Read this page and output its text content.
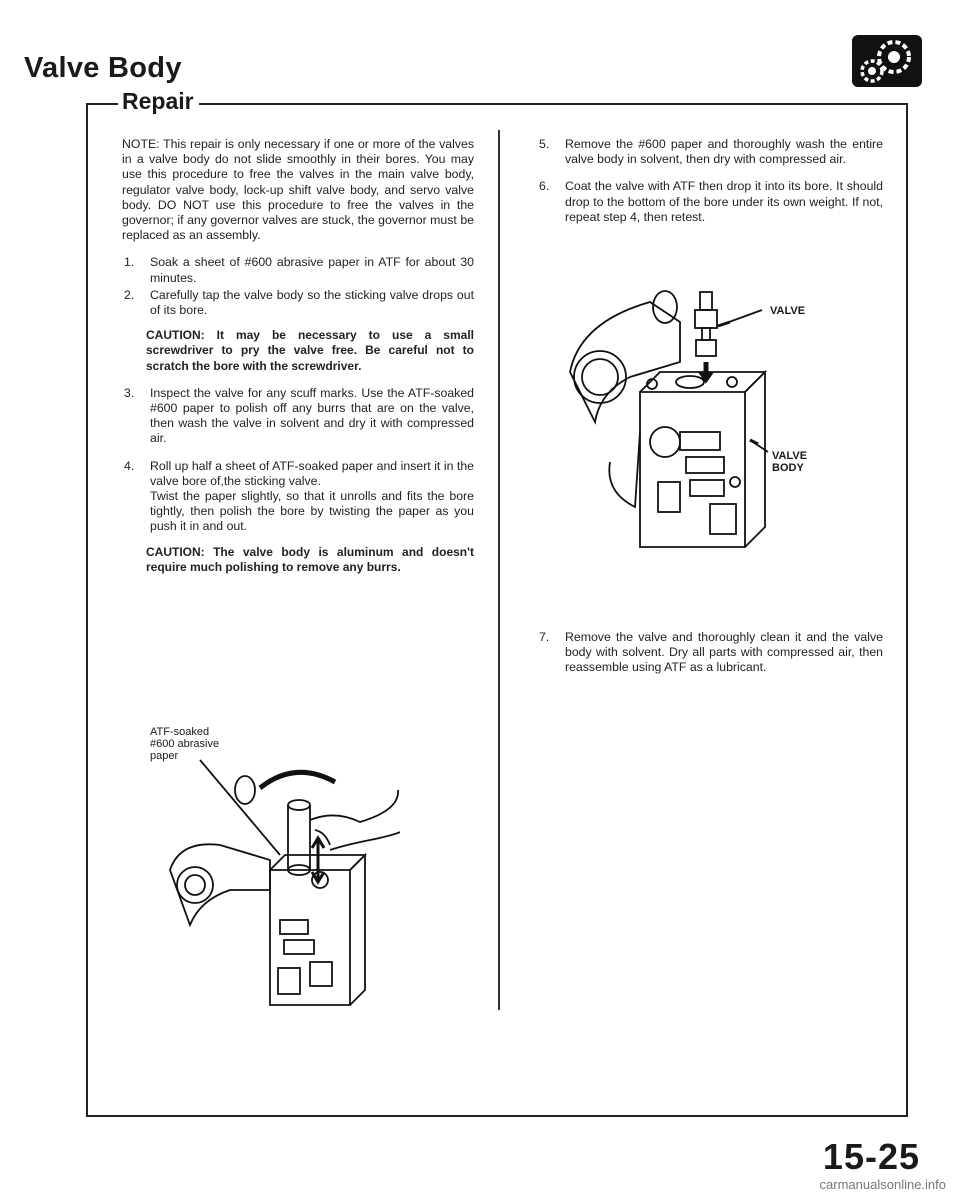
Valve Body
Repair

NOTE: This repair is only necessary if one or more of the valves in a valve body do not slide smoothly in their bores. You may use this procedure to free the valves in the main valve body, regulator valve body, lock-up shift valve body, and servo valve body. DO NOT use this procedure to free the valves in the governor; if any governor valves are stuck, the governor must be replaced as an assembly.

1.	Soak a sheet of #600 abrasive paper in ATF for about 30 minutes.
2.	Carefully tap the valve body so the sticking valve drops out of its bore.
CAUTION: It may be necessary to use a small screwdriver to pry the valve free. Be careful not to scratch the bore with the screwdriver.
3.	Inspect the valve for any scuff marks. Use the ATF-soaked #600 paper to polish off any burrs that are on the valve, then wash the valve in solvent and dry it with compressed air.
4.	Roll up half a sheet of ATF-soaked paper and insert it in the valve bore of,the sticking valve.
Twist the paper slightly, so that it unrolls and fits the bore tightly, then polish the bore by twisting the paper as you push it in and out.
CAUTION: The valve body is aluminum and doesn't require much polishing to remove any burrs.
ATF-soaked
#600 abrasive
paper
5.	Remove the #600 paper and thoroughly wash the entire valve body in solvent, then dry with compressed air.
6.	Coat the valve with ATF then drop it into its bore. It should drop to the bottom of the bore under its own weight. If not, repeat step 4, then retest.
VALVE
VALVE
BODY
7.	Remove the valve and thoroughly clean it and the valve body with solvent. Dry all parts with compressed air, then reassemble using ATF as a lubricant.
15-25
carmanualsonline.info
